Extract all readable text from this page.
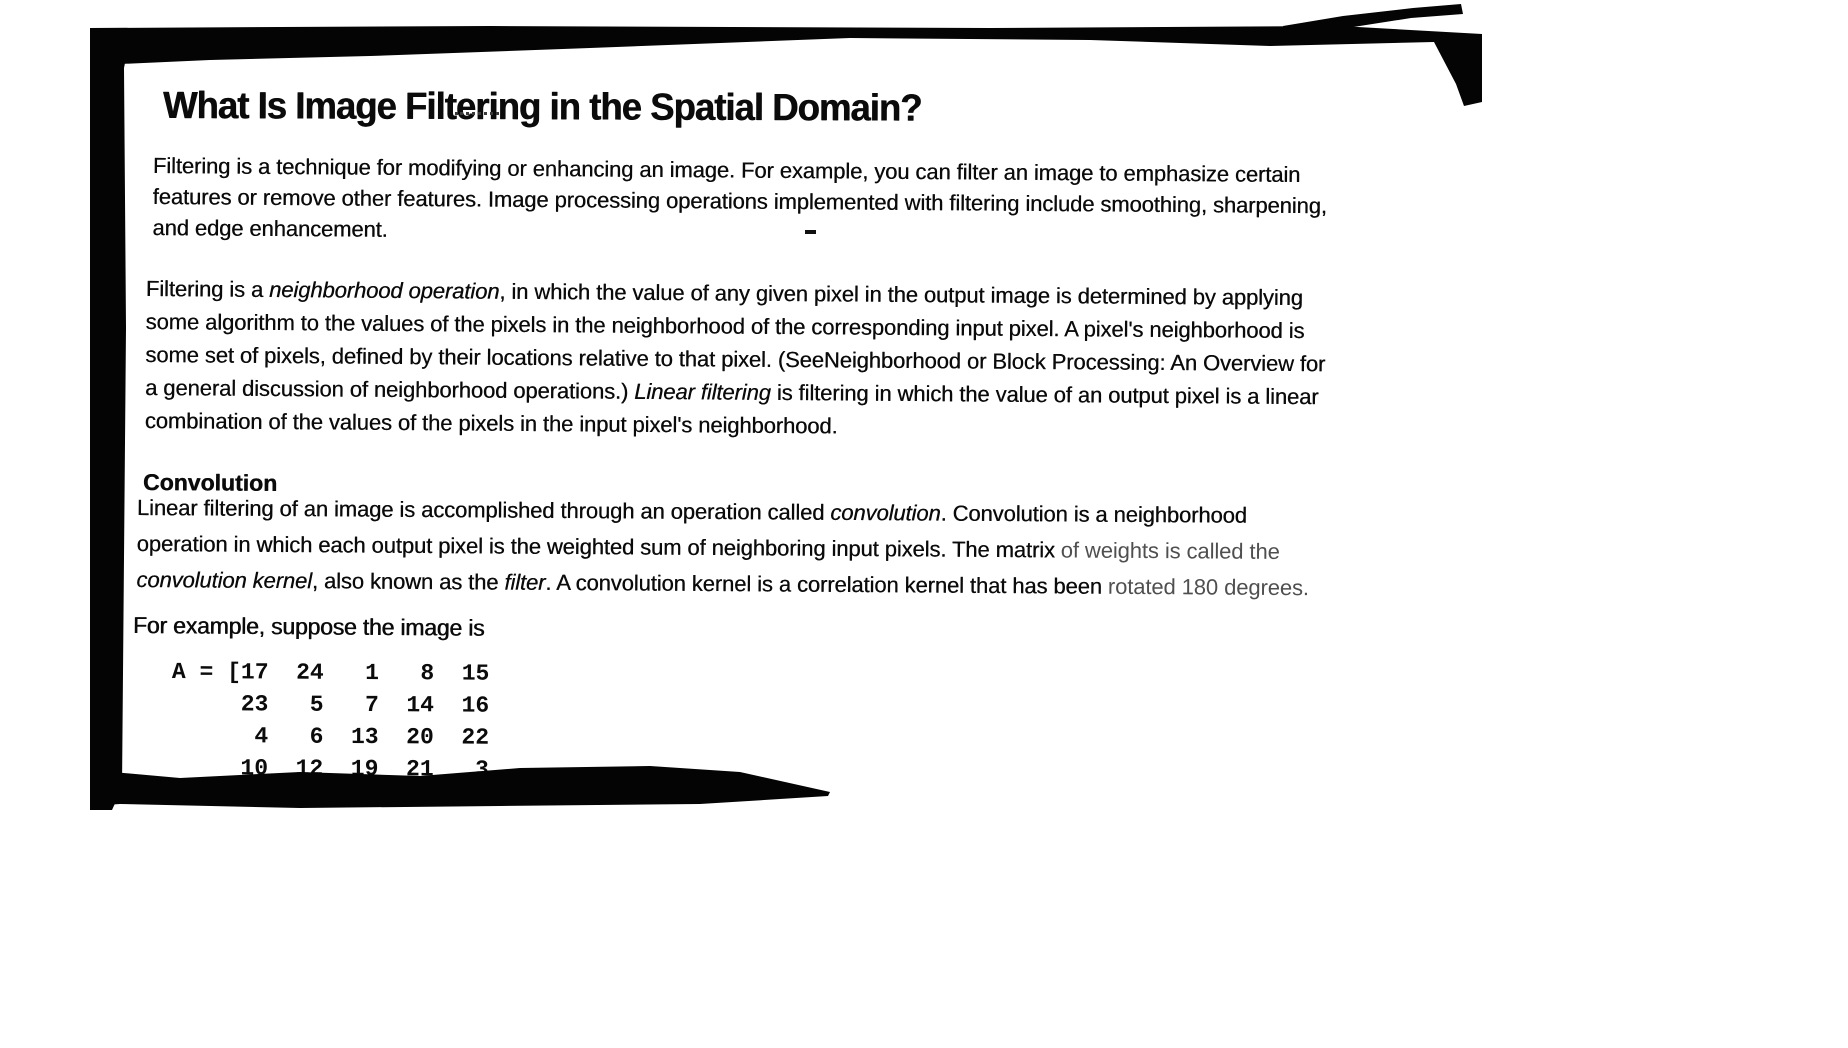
What Is Image Filtering in the Spatial Domain?
Filtering is a technique for modifying or enhancing an image. For example, you can filter an image to emphasize certain
features or remove other features. Image processing operations implemented with filtering include smoothing, sharpening,
and edge enhancement.
Filtering is a neighborhood operation, in which the value of any given pixel in the output image is determined by applying
some algorithm to the values of the pixels in the neighborhood of the corresponding input pixel. A pixel's neighborhood is
some set of pixels, defined by their locations relative to that pixel. (SeeNeighborhood or Block Processing: An Overview for
a general discussion of neighborhood operations.) Linear filtering is filtering in which the value of an output pixel is a linear
combination of the values of the pixels in the input pixel's neighborhood.
Convolution
Linear filtering of an image is accomplished through an operation called convolution. Convolution is a neighborhood
operation in which each output pixel is the weighted sum of neighboring input pixels. The matrix of weights is called the
convolution kernel, also known as the filter. A convolution kernel is a correlation kernel that has been rotated 180 degrees.
For example, suppose the image is
A = [17  24   1   8  15
23   5   7  14  16
4   6  13  20  22
10  12  19  21   3
